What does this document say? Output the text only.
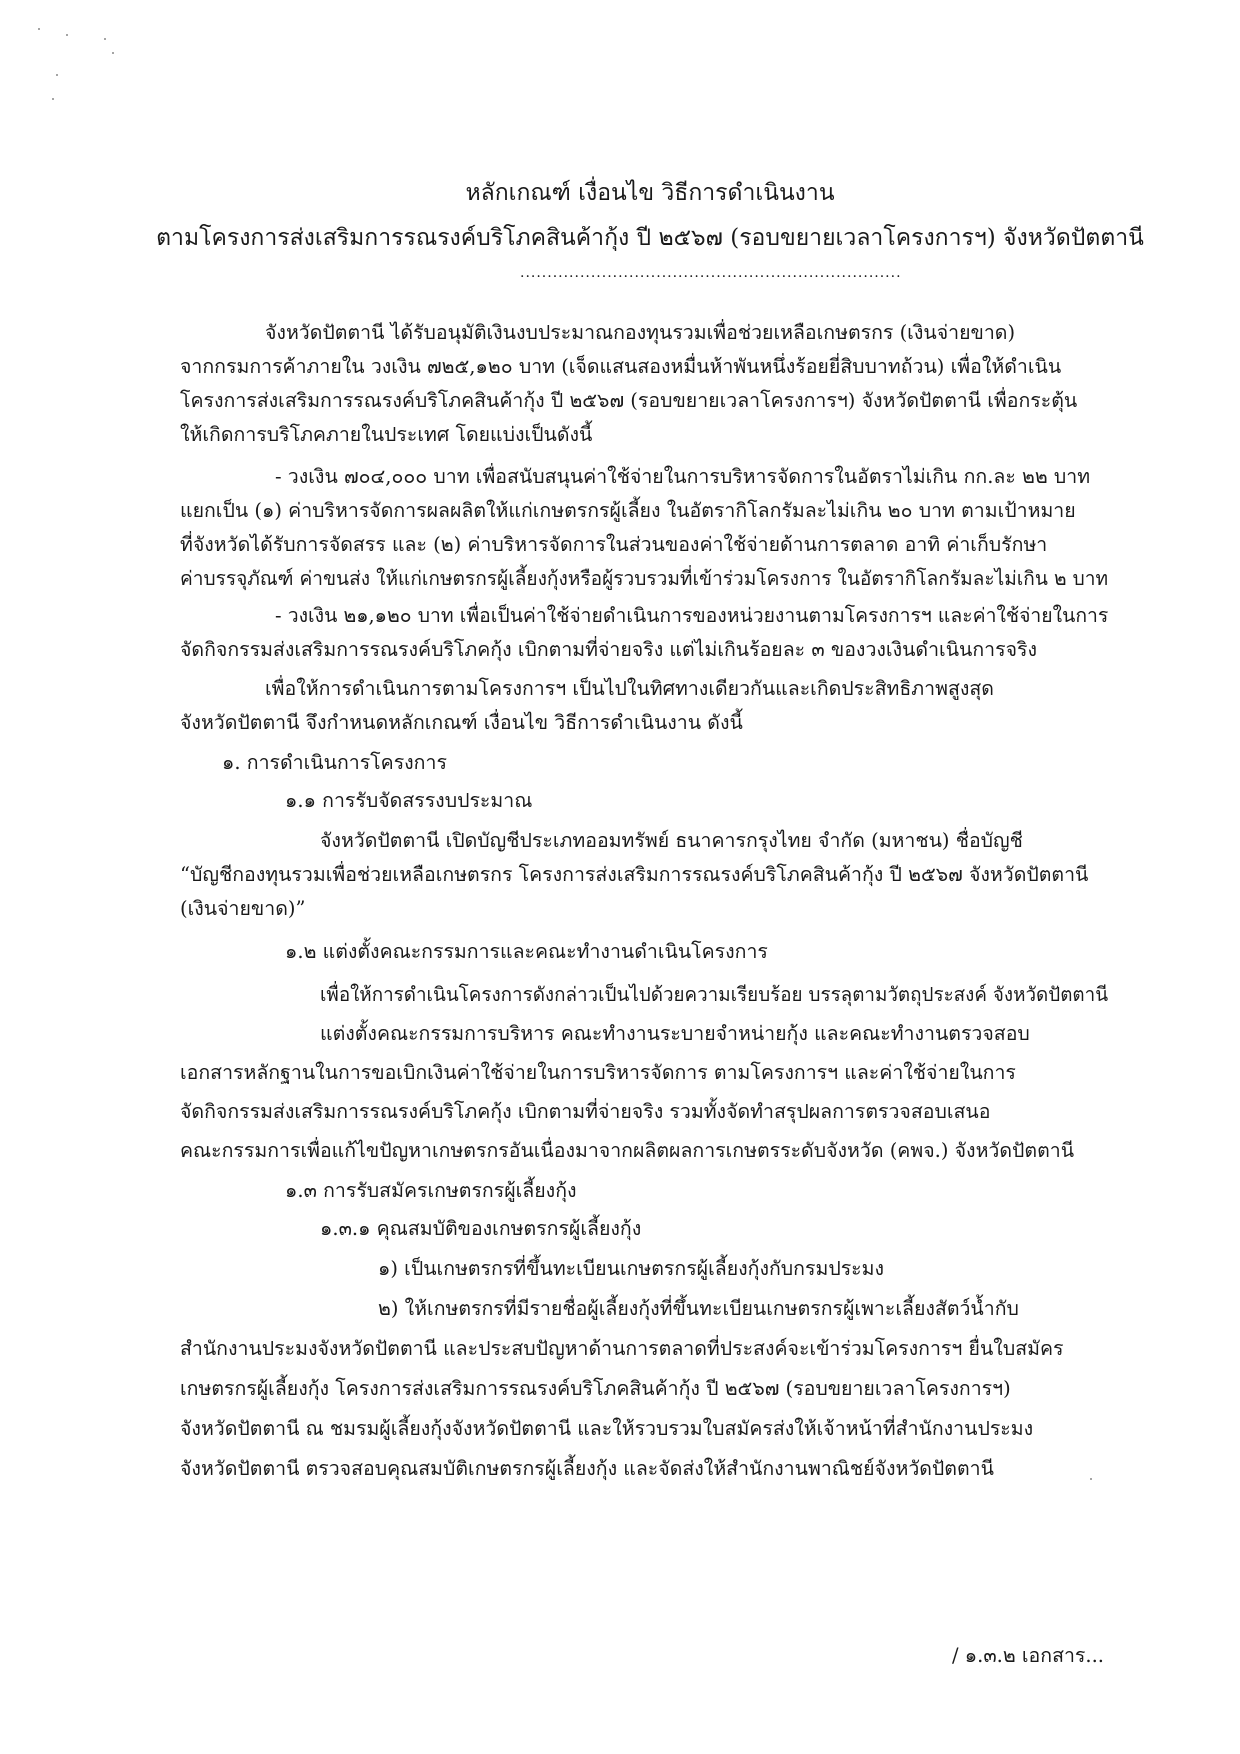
หลักเกณฑ์ เงื่อนไข วิธีการดำเนินงาน
ตามโครงการส่งเสริมการรณรงค์บริโภคสินค้ากุ้ง ปี ๒๕๖๗ (รอบขยายเวลาโครงการฯ) จังหวัดปัตตานี
......................................................................
จังหวัดปัตตานี ได้รับอนุมัติเงินงบประมาณกองทุนรวมเพื่อช่วยเหลือเกษตรกร (เงินจ่ายขาด)
จากกรมการค้าภายใน วงเงิน ๗๒๕,๑๒๐ บาท (เจ็ดแสนสองหมื่นห้าพันหนึ่งร้อยยี่สิบบาทถ้วน) เพื่อให้ดำเนิน
โครงการส่งเสริมการรณรงค์บริโภคสินค้ากุ้ง ปี ๒๕๖๗ (รอบขยายเวลาโครงการฯ) จังหวัดปัตตานี เพื่อกระตุ้น
ให้เกิดการบริโภคภายในประเทศ โดยแบ่งเป็นดังนี้
- วงเงิน ๗๐๔,๐๐๐ บาท เพื่อสนับสนุนค่าใช้จ่ายในการบริหารจัดการในอัตราไม่เกิน กก.ละ ๒๒ บาท
แยกเป็น (๑) ค่าบริหารจัดการผลผลิตให้แก่เกษตรกรผู้เลี้ยง ในอัตรากิโลกรัมละไม่เกิน ๒๐ บาท ตามเป้าหมาย
ที่จังหวัดได้รับการจัดสรร และ (๒) ค่าบริหารจัดการในส่วนของค่าใช้จ่ายด้านการตลาด อาทิ ค่าเก็บรักษา
ค่าบรรจุภัณฑ์ ค่าขนส่ง ให้แก่เกษตรกรผู้เลี้ยงกุ้งหรือผู้รวบรวมที่เข้าร่วมโครงการ ในอัตรากิโลกรัมละไม่เกิน ๒ บาท
- วงเงิน ๒๑,๑๒๐ บาท เพื่อเป็นค่าใช้จ่ายดำเนินการของหน่วยงานตามโครงการฯ และค่าใช้จ่ายในการ
จัดกิจกรรมส่งเสริมการรณรงค์บริโภคกุ้ง เบิกตามที่จ่ายจริง แต่ไม่เกินร้อยละ ๓ ของวงเงินดำเนินการจริง
เพื่อให้การดำเนินการตามโครงการฯ เป็นไปในทิศทางเดียวกันและเกิดประสิทธิภาพสูงสุด
จังหวัดปัตตานี จึงกำหนดหลักเกณฑ์ เงื่อนไข วิธีการดำเนินงาน ดังนี้
๑. การดำเนินการโครงการ
๑.๑ การรับจัดสรรงบประมาณ
จังหวัดปัตตานี เปิดบัญชีประเภทออมทรัพย์ ธนาคารกรุงไทย จำกัด (มหาชน) ชื่อบัญชี
“บัญชีกองทุนรวมเพื่อช่วยเหลือเกษตรกร โครงการส่งเสริมการรณรงค์บริโภคสินค้ากุ้ง ปี ๒๕๖๗ จังหวัดปัตตานี
(เงินจ่ายขาด)”
๑.๒ แต่งตั้งคณะกรรมการและคณะทำงานดำเนินโครงการ
เพื่อให้การดำเนินโครงการดังกล่าวเป็นไปด้วยความเรียบร้อย บรรลุตามวัตถุประสงค์ จังหวัดปัตตานี
แต่งตั้งคณะกรรมการบริหาร คณะทำงานระบายจำหน่ายกุ้ง และคณะทำงานตรวจสอบ
เอกสารหลักฐานในการขอเบิกเงินค่าใช้จ่ายในการบริหารจัดการ ตามโครงการฯ และค่าใช้จ่ายในการ
จัดกิจกรรมส่งเสริมการรณรงค์บริโภคกุ้ง เบิกตามที่จ่ายจริง รวมทั้งจัดทำสรุปผลการตรวจสอบเสนอ
คณะกรรมการเพื่อแก้ไขปัญหาเกษตรกรอันเนื่องมาจากผลิตผลการเกษตรระดับจังหวัด (คพจ.) จังหวัดปัตตานี
๑.๓ การรับสมัครเกษตรกรผู้เลี้ยงกุ้ง
๑.๓.๑ คุณสมบัติของเกษตรกรผู้เลี้ยงกุ้ง
๑) เป็นเกษตรกรที่ขึ้นทะเบียนเกษตรกรผู้เลี้ยงกุ้งกับกรมประมง
๒) ให้เกษตรกรที่มีรายชื่อผู้เลี้ยงกุ้งที่ขึ้นทะเบียนเกษตรกรผู้เพาะเลี้ยงสัตว์น้ำกับ
สำนักงานประมงจังหวัดปัตตานี และประสบปัญหาด้านการตลาดที่ประสงค์จะเข้าร่วมโครงการฯ ยื่นใบสมัคร
เกษตรกรผู้เลี้ยงกุ้ง โครงการส่งเสริมการรณรงค์บริโภคสินค้ากุ้ง ปี ๒๕๖๗ (รอบขยายเวลาโครงการฯ)
จังหวัดปัตตานี ณ ชมรมผู้เลี้ยงกุ้งจังหวัดปัตตานี และให้รวบรวมใบสมัครส่งให้เจ้าหน้าที่สำนักงานประมง
จังหวัดปัตตานี ตรวจสอบคุณสมบัติเกษตรกรผู้เลี้ยงกุ้ง และจัดส่งให้สำนักงานพาณิชย์จังหวัดปัตตานี
/ ๑.๓.๒ เอกสาร...
